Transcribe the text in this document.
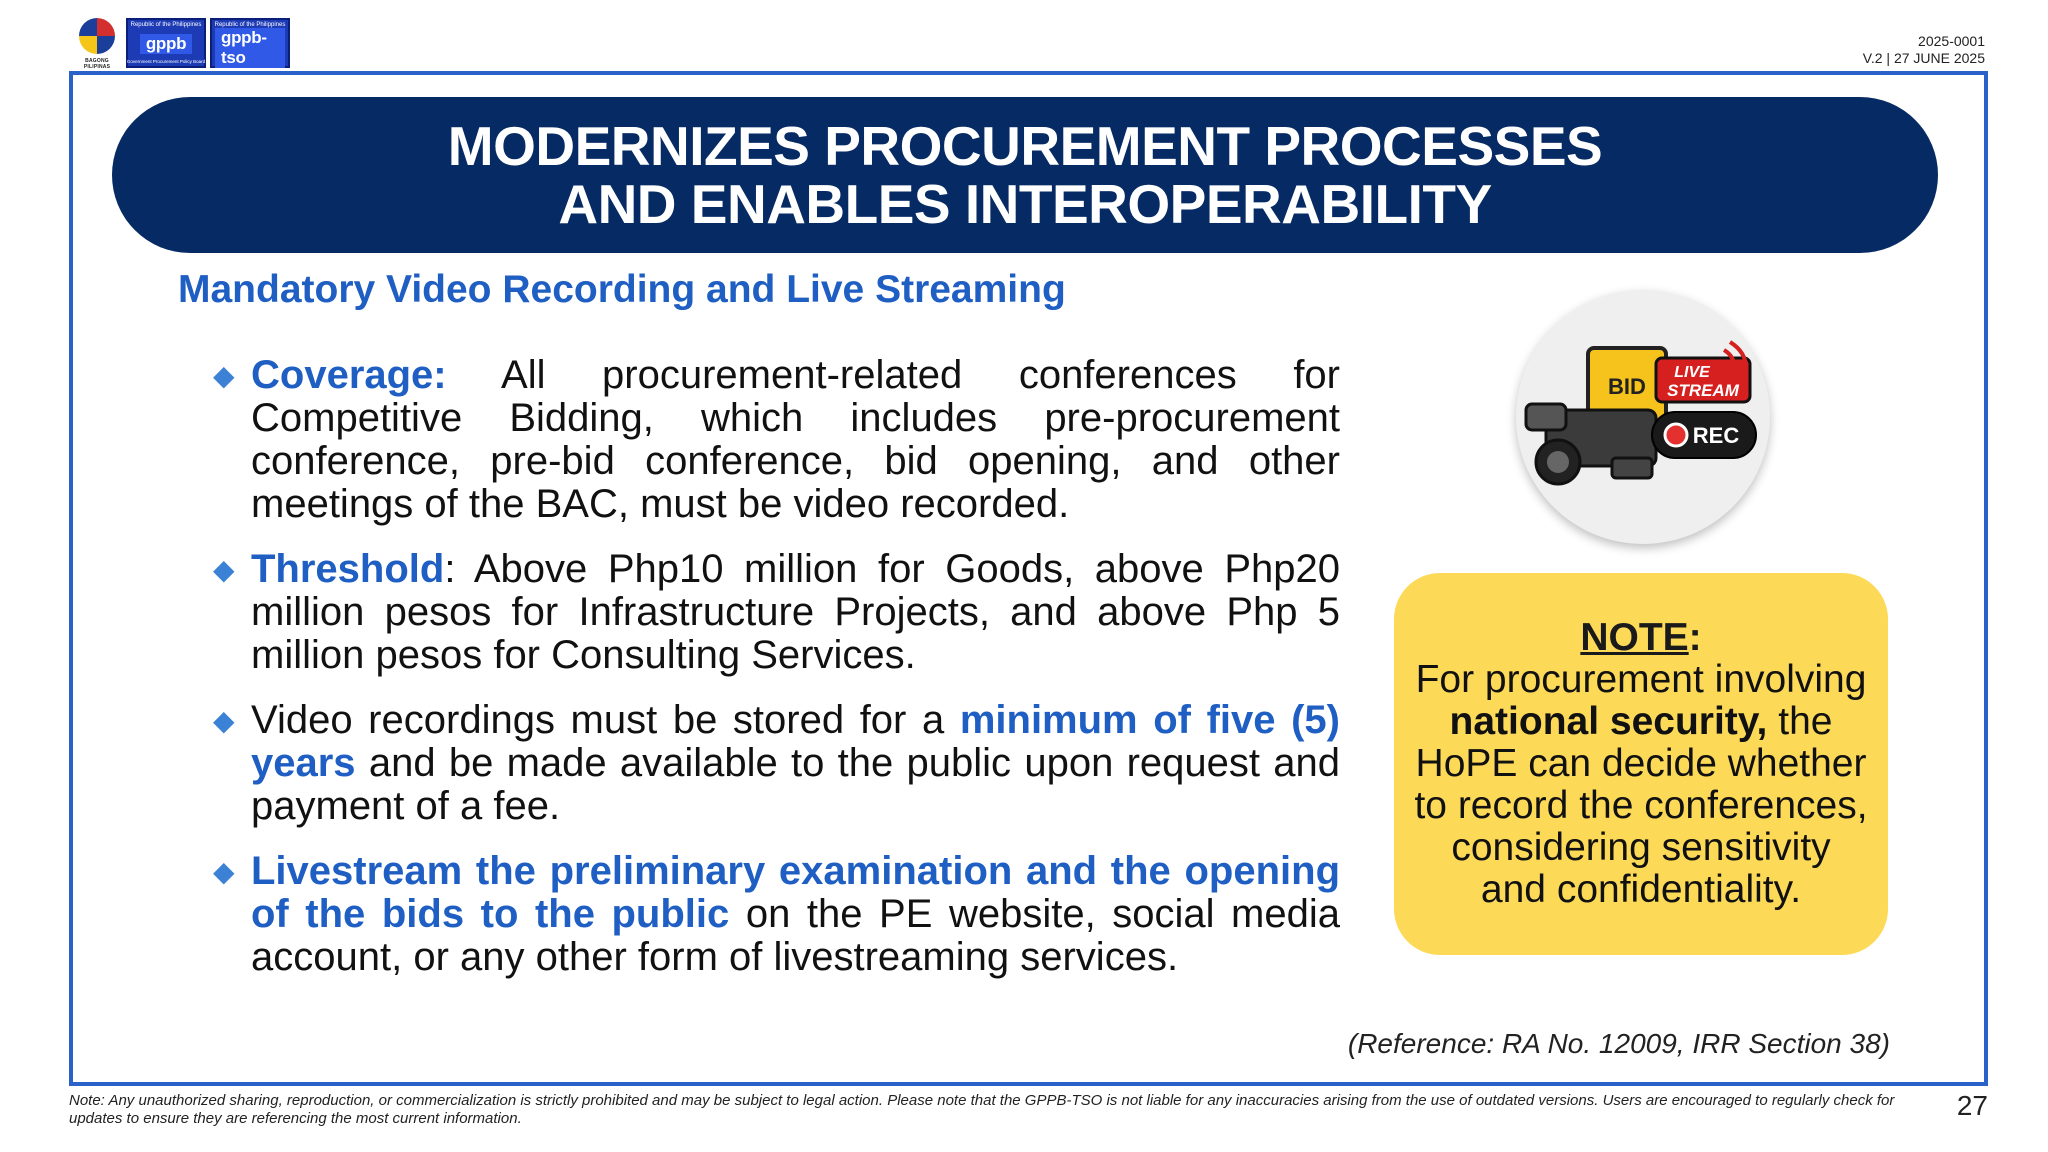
BAGONG PILIPINAS
Republic of the Philippines
gppb
Government Procurement Policy Board
Republic of the Philippines
gppb-tso
Government Procurement Policy Board Technical Support Office
2025-0001
V.2 | 27 JUNE 2025
MODERNIZES PROCUREMENT PROCESSES
AND ENABLES INTEROPERABILITY
Mandatory Video Recording and Live Streaming
◆ Coverage: All procurement-related conferences for Competitive Bidding, which includes pre-procurement conference, pre-bid conference, bid opening, and other meetings of the BAC, must be video recorded.

◆ Threshold: Above Php10 million for Goods, above Php20 million pesos for Infrastructure Projects, and above Php 5 million pesos for Consulting Services.

◆ Video recordings must be stored for a minimum of five (5) years and be made available to the public upon request and payment of a fee.

◆ Livestream the preliminary examination and the opening of the bids to the public on the PE website, social media account, or any other form of livestreaming services.

BID
LIVE
STREAM
REC
NOTE:
For procurement involving national security, the HoPE can decide whether to record the conferences, considering sensitivity and confidentiality.
(Reference: RA No. 12009, IRR Section 38)
Note: Any unauthorized sharing, reproduction, or commercialization is strictly prohibited and may be subject to legal action. Please note that the GPPB-TSO is not liable for any inaccuracies arising from the use of outdated versions. Users are encouraged to regularly check for updates to ensure they are referencing the most current information.	27
